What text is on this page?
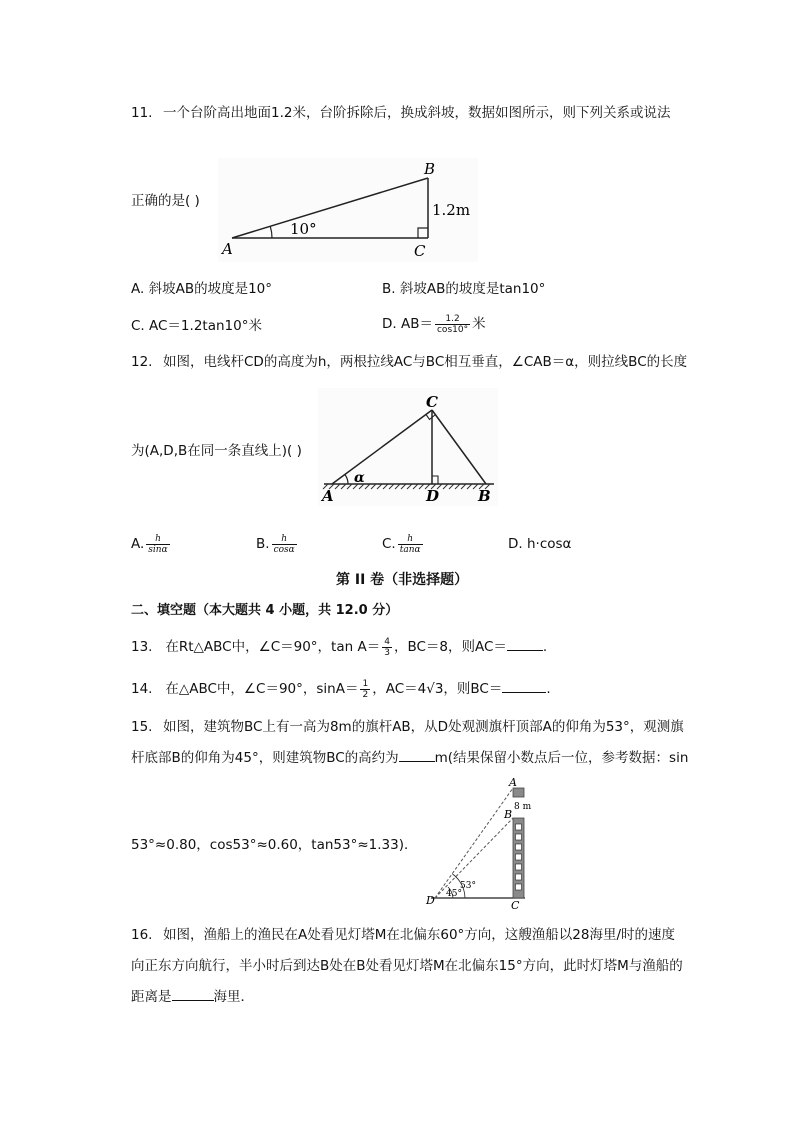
11. 一个台阶高出地面1.2米，台阶拆除后，换成斜坡，数据如图所示，则下列关系或说法
正确的是( )
A
B
C
10°
1.2m
A. 斜坡AB的坡度是10°	B. 斜坡AB的坡度是tan10°
C. AC＝1.2tan10°米	D. $AB= \frac{1.2}{\cos 10^\circ}$ 米
12. 如图，电线杆CD的高度为h，两根拉线AC与BC相互垂直，∠CAB＝α，则拉线BC的长度
为(A,D,B在同一条直线上)( )
A	B
C
D
α
A. $\frac{h}{\sin\alpha}$	B. $\frac{h}{\cos\alpha}$	C. $\frac{h}{\tan\alpha}$	D. h·cosα
第 II 卷（非选择题）
二、填空题（本大题共 4 小题，共 12.0 分）
13. 在Rt△ABC中，∠C＝90°，$\tan A= \frac{4}{3}$ ，BC＝8，则AC＝	.
14. 在△ABC中，∠C＝90°，$\sin A= \frac{1}{2}$ ，AC＝4√3，则BC＝	.
15. 如图，建筑物BC上有一高为8m的旗杆AB，从D处观测旗杆顶部A的仰角为53°，观测旗
杆底部B的仰角为45°，则建筑物BC的高约为	m(结果保留小数点后一位，参考数据：sin
53°≈0.80，cos53°≈0.60，tan53°≈1.33)．
A
B
C
D
8 m
45°
53°
16. 如图，渔船上的渔民在A处看见灯塔M在北偏东60°方向，这艘渔船以28海里/时的速度
向正东方向航行，半小时后到达B处在B处看见灯塔M在北偏东15°方向，此时灯塔M与渔船的
距离是	海里．
